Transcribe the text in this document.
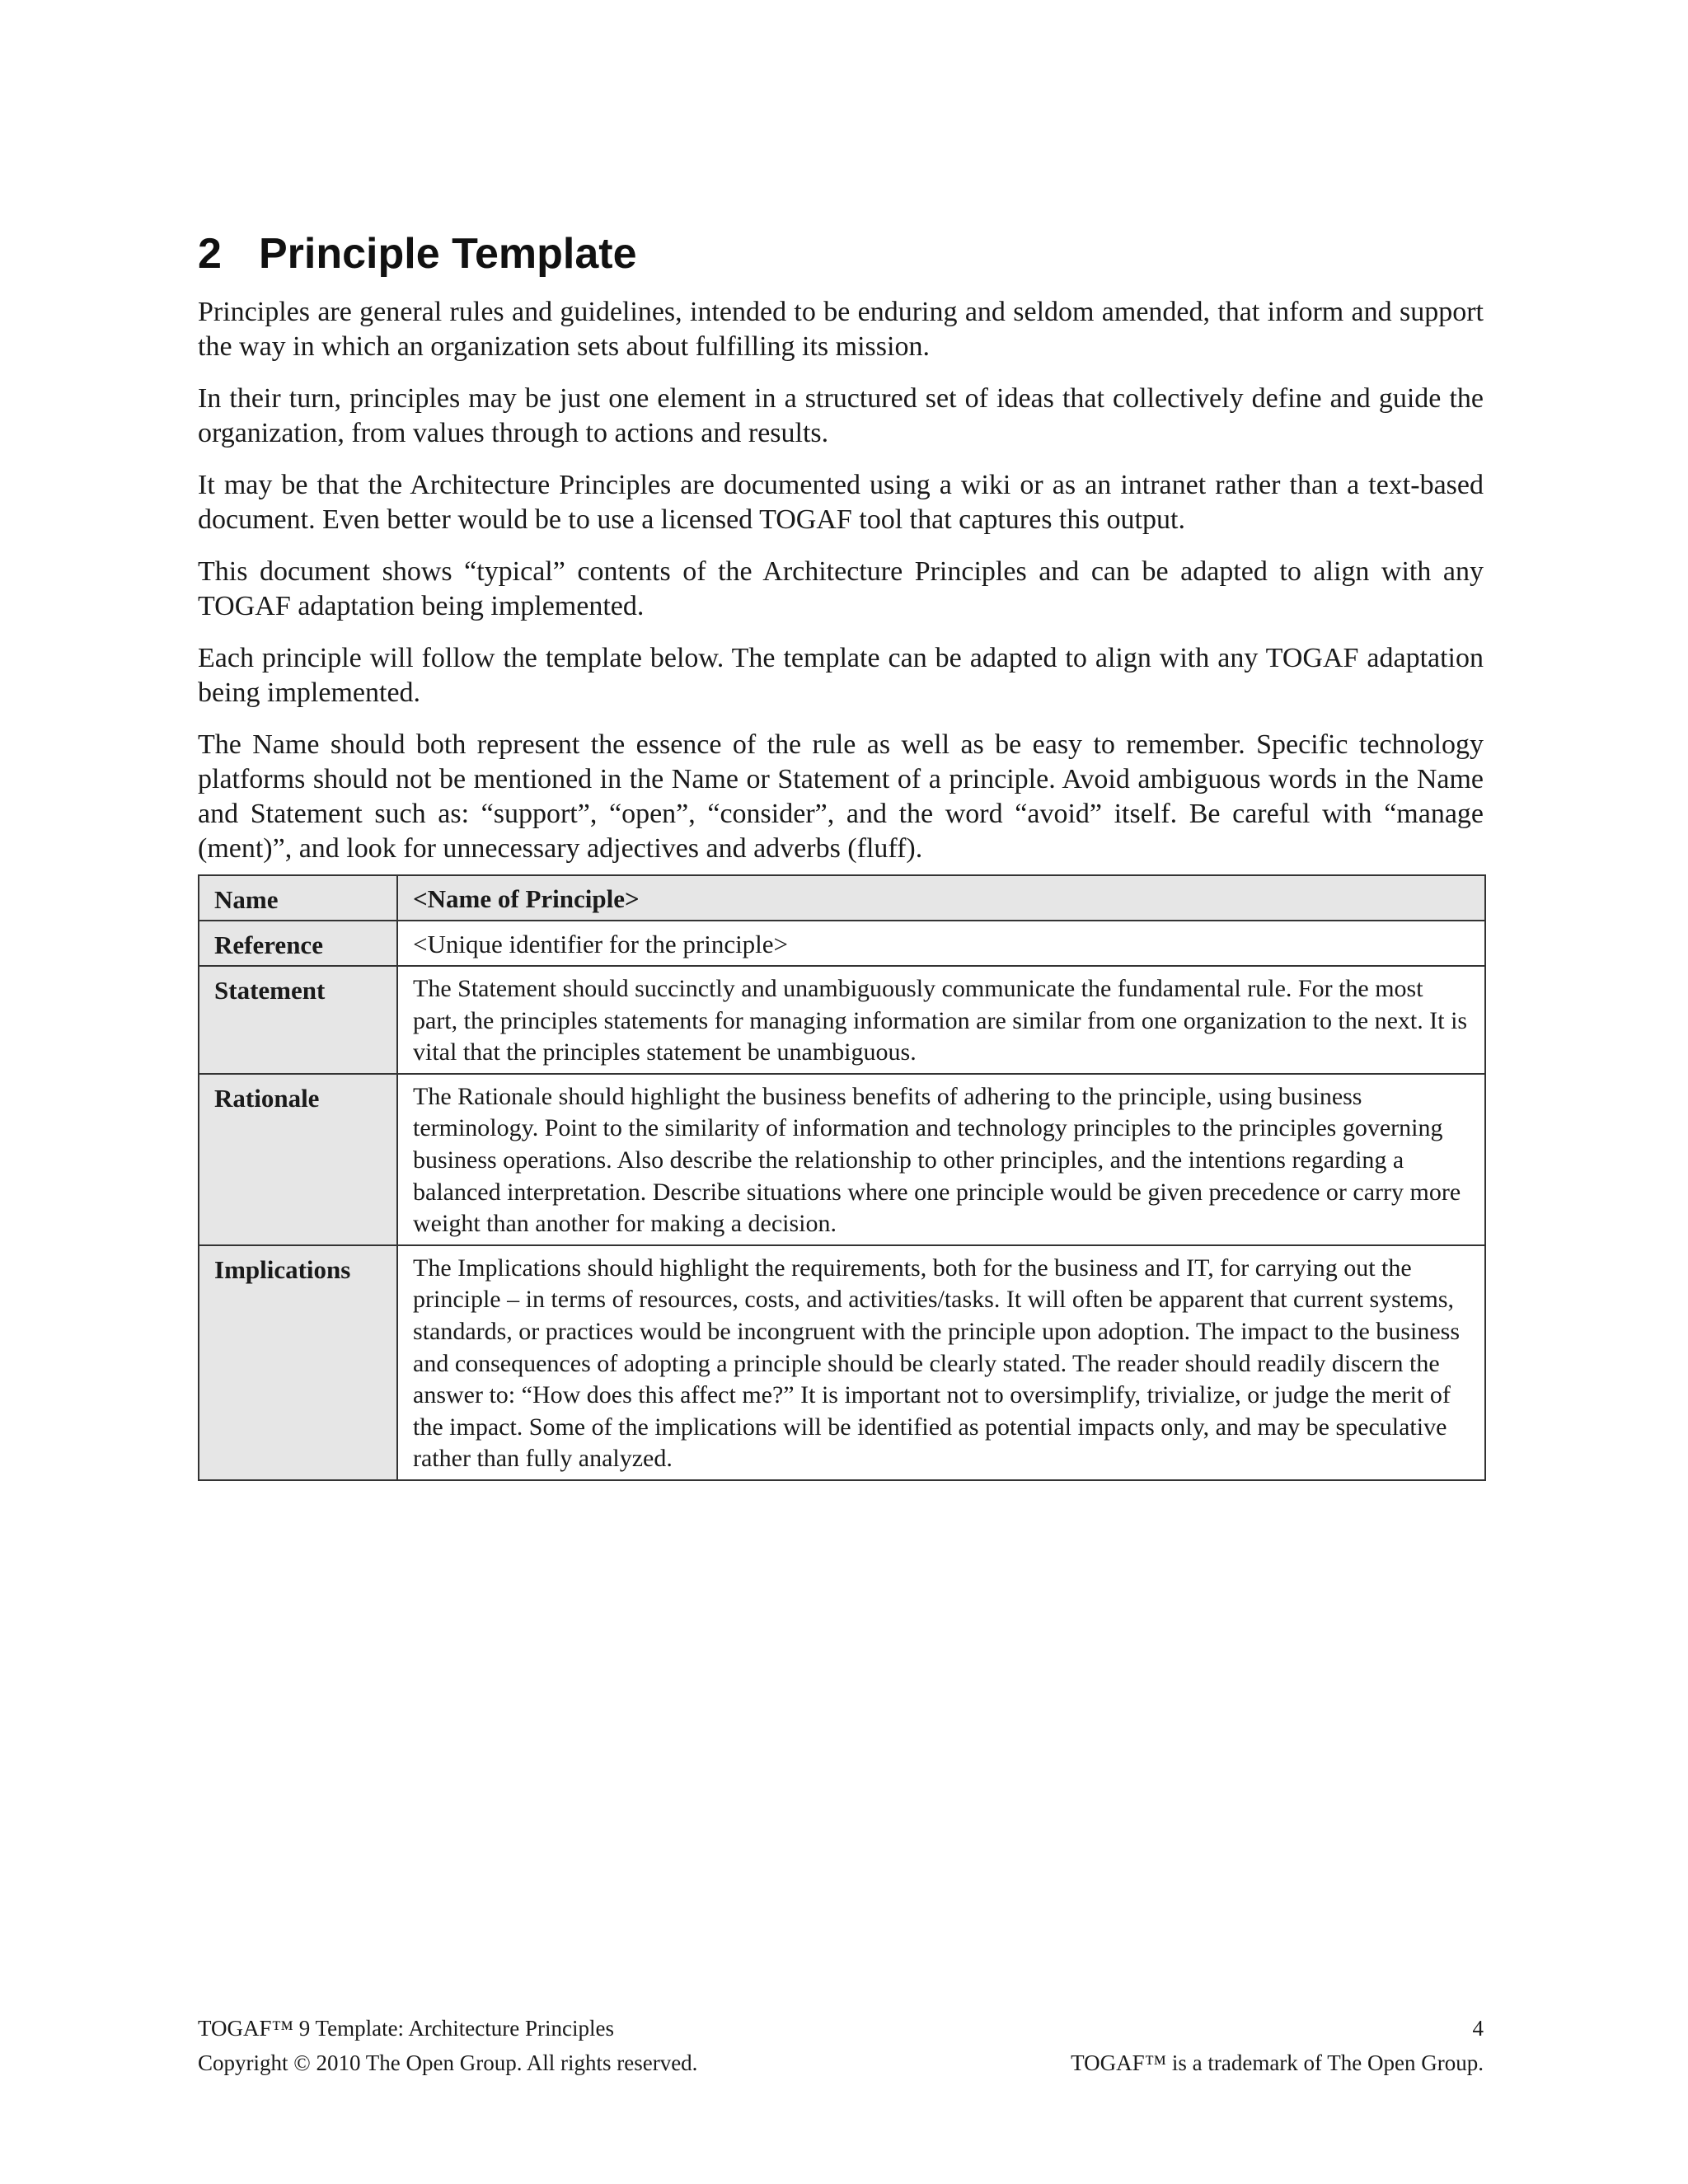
2 Principle Template

Principles are general rules and guidelines, intended to be enduring and seldom amended, that inform and support the way in which an organization sets about fulfilling its mission.

In their turn, principles may be just one element in a structured set of ideas that collectively define and guide the organization, from values through to actions and results.

It may be that the Architecture Principles are documented using a wiki or as an intranet rather than a text-based document. Even better would be to use a licensed TOGAF tool that captures this output.

This document shows “typical” contents of the Architecture Principles and can be adapted to align with any TOGAF adaptation being implemented.

Each principle will follow the template below. The template can be adapted to align with any TOGAF adaptation being implemented.

The Name should both represent the essence of the rule as well as be easy to remember. Specific technology platforms should not be mentioned in the Name or Statement of a principle. Avoid ambiguous words in the Name and Statement such as: “support”, “open”, “consider”, and the word “avoid” itself. Be careful with “manage (ment)”, and look for unnecessary adjectives and adverbs (fluff).

Name	<Name of Principle>
Reference	<Unique identifier for the principle>
Statement	The Statement should succinctly and unambiguously communicate the fundamental rule. For the most part, the principles statements for managing information are similar from one organization to the next. It is vital that the principles statement be unambiguous.
Rationale	The Rationale should highlight the business benefits of adhering to the principle, using business terminology. Point to the similarity of information and technology principles to the principles governing business operations. Also describe the relationship to other principles, and the intentions regarding a balanced interpretation. Describe situations where one principle would be given precedence or carry more weight than another for making a decision.
Implications	The Implications should highlight the requirements, both for the business and IT, for carrying out the principle – in terms of resources, costs, and activities/tasks. It will often be apparent that current systems, standards, or practices would be incongruent with the principle upon adoption. The impact to the business and consequences of adopting a principle should be clearly stated. The reader should readily discern the answer to: “How does this affect me?” It is important not to oversimplify, trivialize, or judge the merit of the impact. Some of the implications will be identified as potential impacts only, and may be speculative rather than fully analyzed.
TOGAF™ 9 Template: Architecture Principles	4
Copyright © 2010 The Open Group. All rights reserved.	TOGAF™ is a trademark of The Open Group.
